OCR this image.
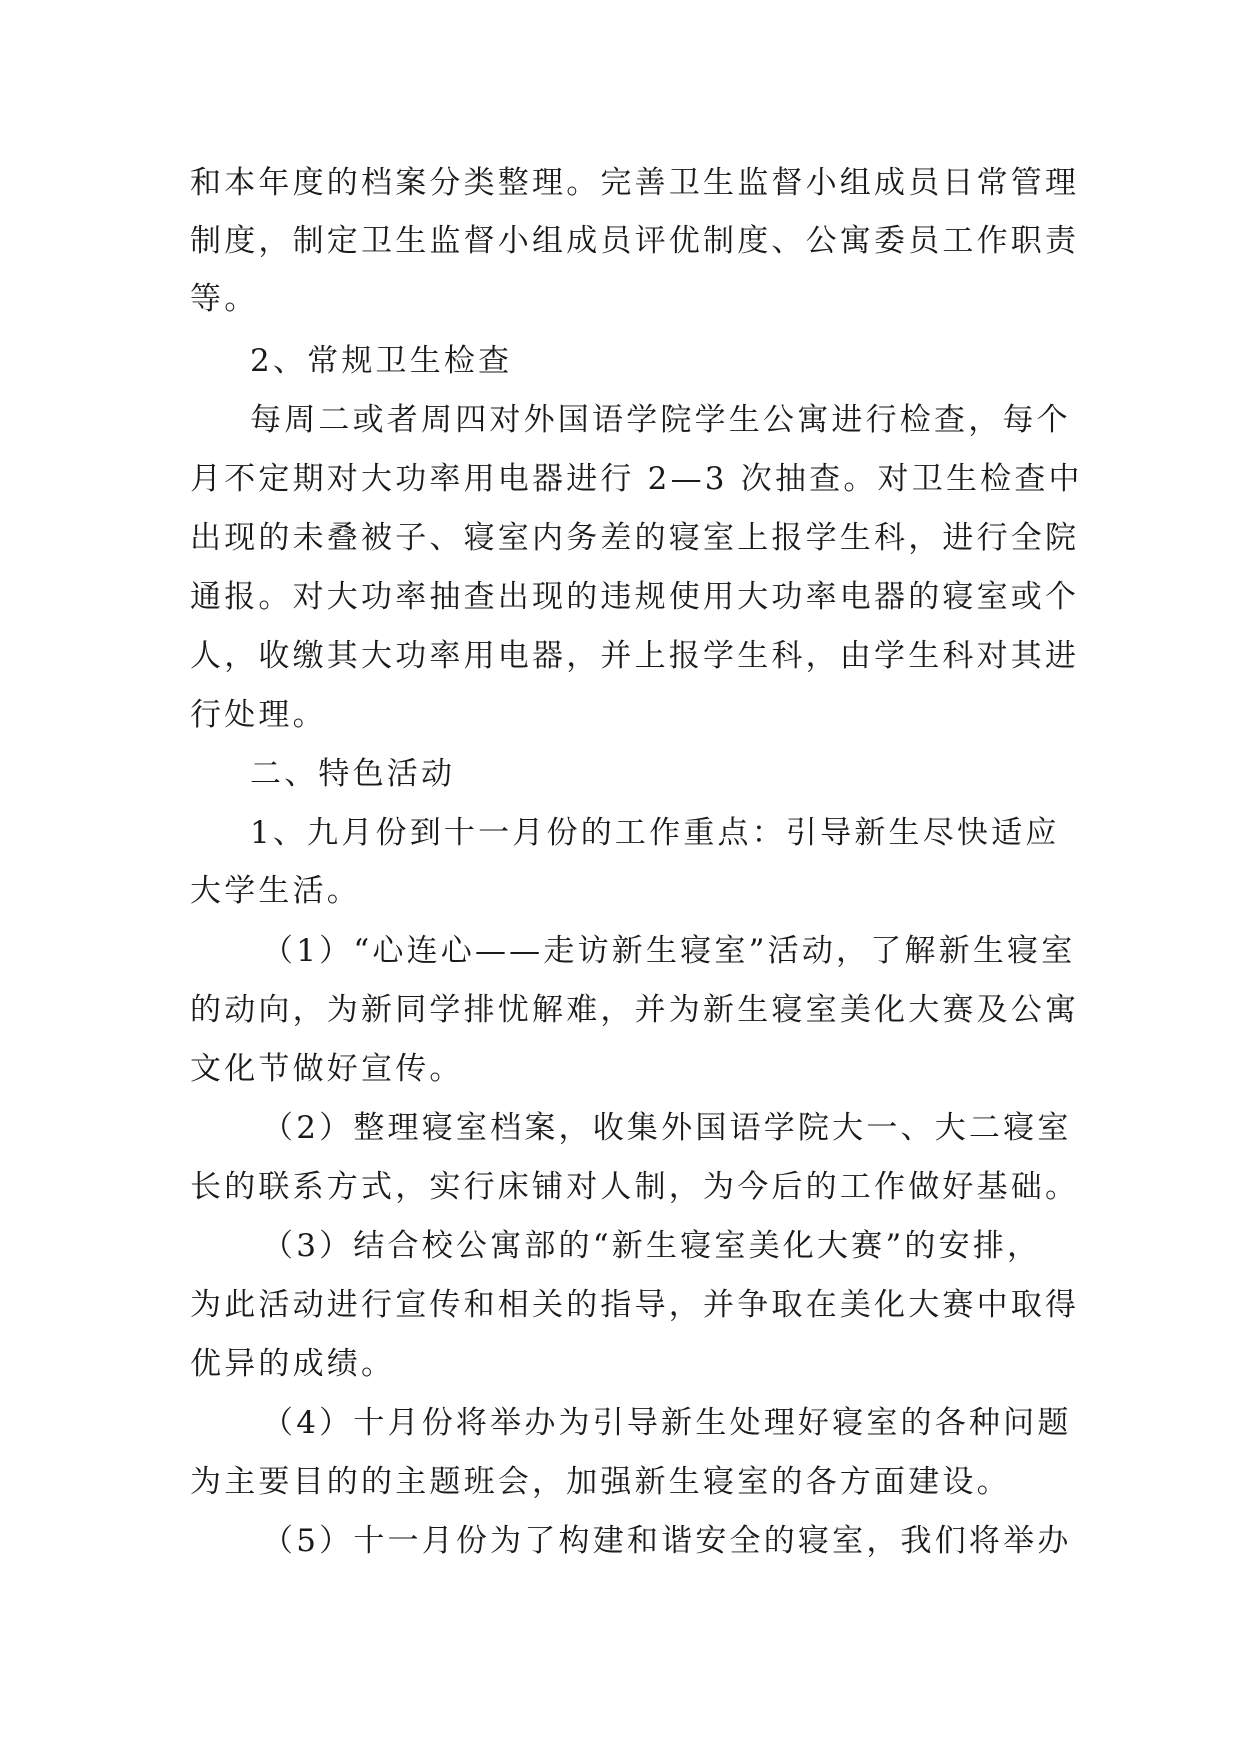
和本年度的档案分类整理。完善卫生监督小组成员日常管理
制度，制定卫生监督小组成员评优制度、公寓委员工作职责
等。
2、常规卫生检查
每周二或者周四对外国语学院学生公寓进行检查，每个
月不定期对大功率用电器进行 2—3 次抽查。对卫生检查中
出现的未叠被子、寝室内务差的寝室上报学生科，进行全院
通报。对大功率抽查出现的违规使用大功率电器的寝室或个
人，收缴其大功率用电器，并上报学生科，由学生科对其进
行处理。
二、特色活动
1、九月份到十一月份的工作重点：引导新生尽快适应
大学生活。
（1）“心连心——走访新生寝室”活动，了解新生寝室
的动向，为新同学排忧解难，并为新生寝室美化大赛及公寓
文化节做好宣传。
（2）整理寝室档案，收集外国语学院大一、大二寝室
长的联系方式，实行床铺对人制，为今后的工作做好基础。
（3）结合校公寓部的“新生寝室美化大赛”的安排，
为此活动进行宣传和相关的指导，并争取在美化大赛中取得
优异的成绩。
（4）十月份将举办为引导新生处理好寝室的各种问题
为主要目的的主题班会，加强新生寝室的各方面建设。
（5）十一月份为了构建和谐安全的寝室，我们将举办
